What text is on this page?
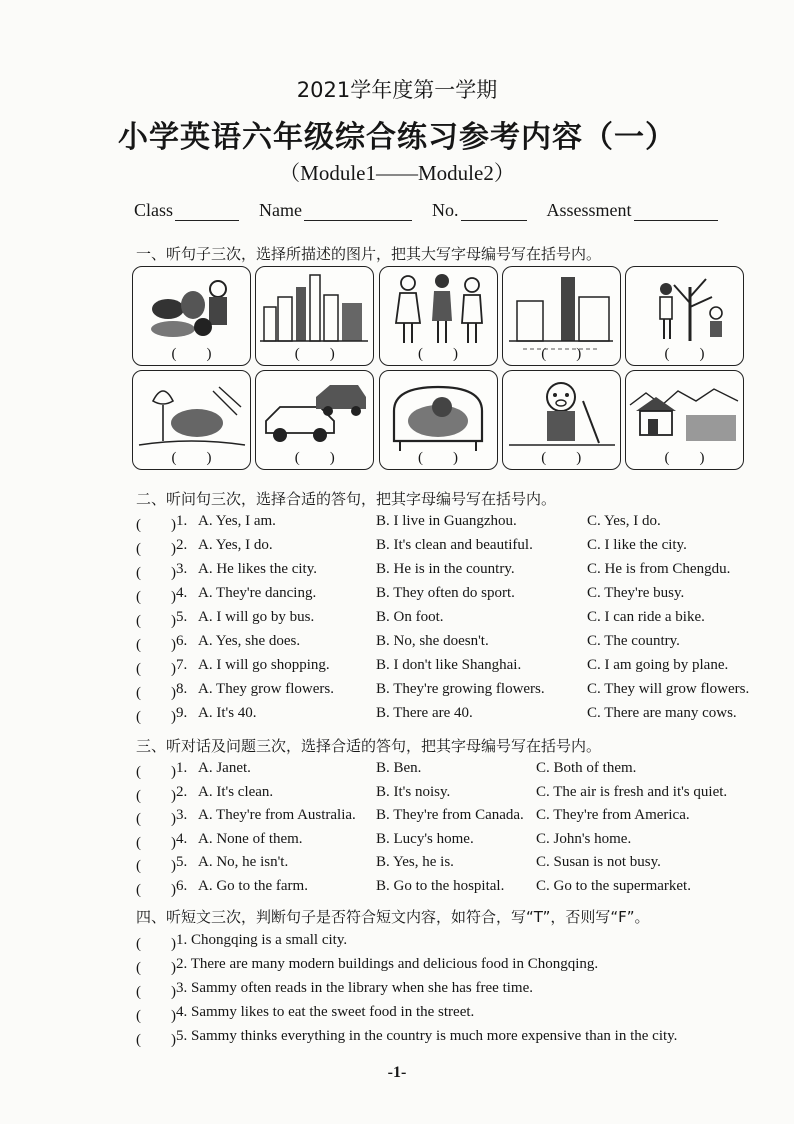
2021学年度第一学期
小学英语六年级综合练习参考内容（一）
（Module1——Module2）
Class	Name	No.	Assessment
一、听句子三次，选择所描述的图片，把其大写字母编号写在括号内。
(　　)	(　　)	(　　)	(　　)	(　　)
(　　)	(　　)	(　　)	(　　)	(　　)
二、听问句三次，选择合适的答句，把其字母编号写在括号内。
(　　) 1. A. Yes, I am.	B. I live in Guangzhou.	C. Yes, I do.
(　　) 2. A. Yes, I do.	B. It's clean and beautiful.	C. I like the city.
(　　) 3. A. He likes the city.	B. He is in the country.	C. He is from Chengdu.
(　　) 4. A. They're dancing.	B. They often do sport.	C. They're busy.
(　　) 5. A. I will go by bus.	B. On foot.	C. I can ride a bike.
(　　) 6. A. Yes, she does.	B. No, she doesn't.	C. The country.
(　　) 7. A. I will go shopping.	B. I don't like Shanghai.	C. I am going by plane.
(　　) 8. A. They grow flowers.	B. They're growing flowers.	C. They will grow flowers.
(　　) 9. A. It's 40.	B. There are 40.	C. There are many cows.
三、听对话及问题三次，选择合适的答句，把其字母编号写在括号内。
(　　) 1. A. Janet.	B. Ben.	C. Both of them.
(　　) 2. A. It's clean.	B. It's noisy.	C. The air is fresh and it's quiet.
(　　) 3. A. They're from Australia. B. They're from Canada. C. They're from America.
(　　) 4. A. None of them.	B. Lucy's home.	C. John's home.
(　　) 5. A. No, he isn't.	B. Yes, he is.	C. Susan is not busy.
(　　) 6. A. Go to the farm.	B. Go to the hospital. C. Go to the supermarket.
四、听短文三次，判断句子是否符合短文内容，如符合，写“T”，否则写“F”。
(　　) 1. Chongqing is a small city.
(　　) 2. There are many modern buildings and delicious food in Chongqing.
(　　) 3. Sammy often reads in the library when she has free time.
(　　) 4. Sammy likes to eat the sweet food in the street.
(　　) 5. Sammy thinks everything in the country is much more expensive than in the city.
-1-
